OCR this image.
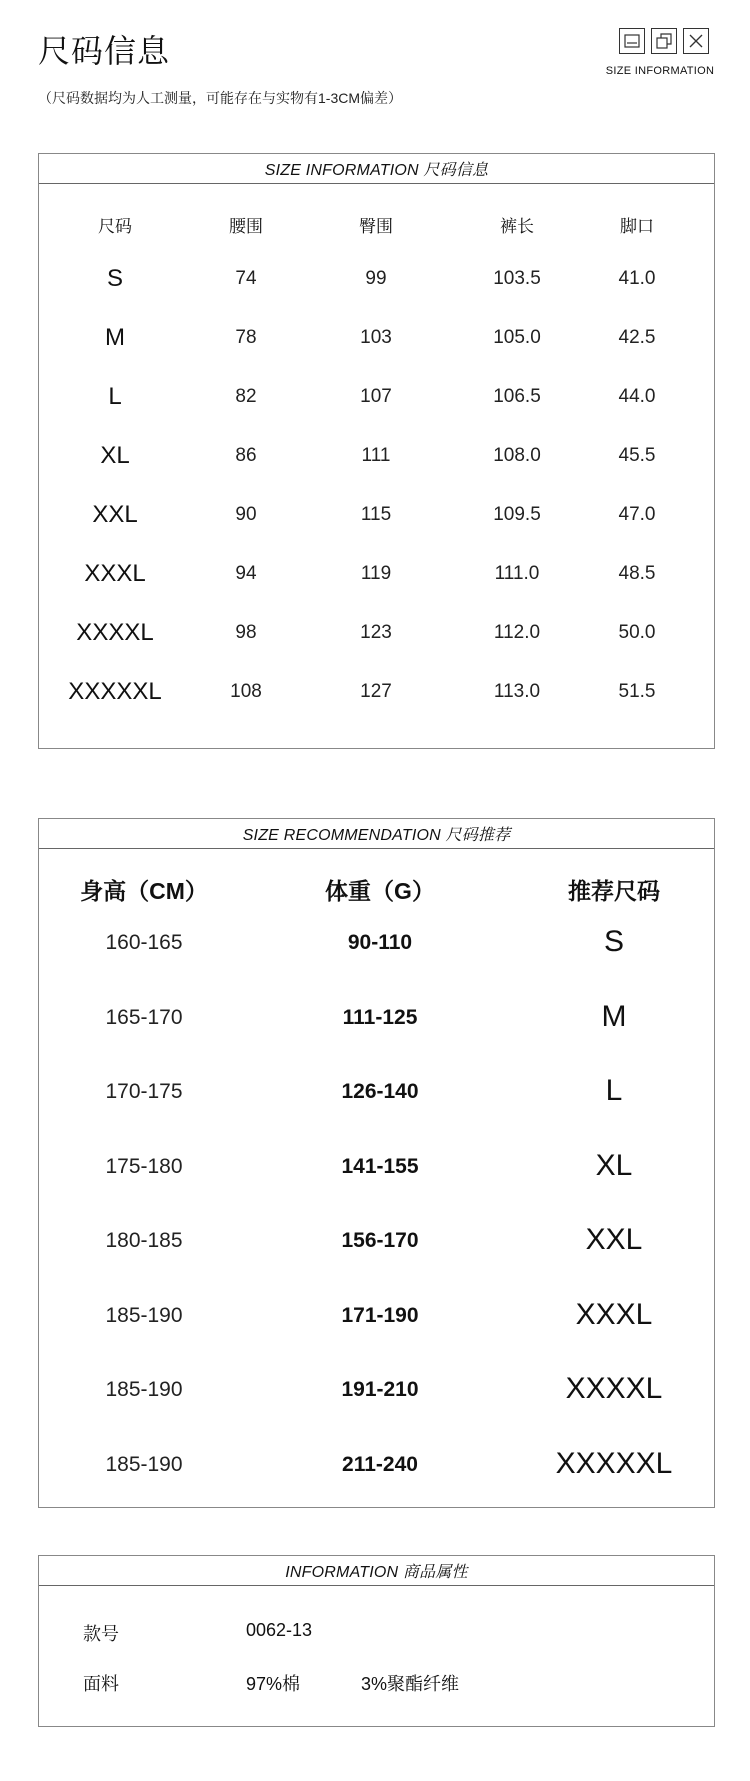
尺码信息
（尺码数据均为人工测量，可能存在与实物有1-3CM偏差）
SIZE INFORMATION
SIZE INFORMATION 尺码信息
尺码	腰围	臀围	裤长	脚口
S	74	99	103.5	41.0
M	78	103	105.0	42.5
L	82	107	106.5	44.0
XL	86	111	108.0	45.5
XXL	90	115	109.5	47.0
XXXL	94	119	111.0	48.5
XXXXL	98	123	112.0	50.0
XXXXXL	108	127	113.0	51.5
SIZE RECOMMENDATION 尺码推荐
身高（CM）	体重（G）	推荐尺码
160-165	90-110	S
165-170	111-125	M
170-175	126-140	L
175-180	141-155	XL
180-185	156-170	XXL
185-190	171-190	XXXL
185-190	191-210	XXXXL
185-190	211-240	XXXXXL
INFORMATION 商品属性
款号	0062-13
面料	97%棉	3%聚酯纤维
